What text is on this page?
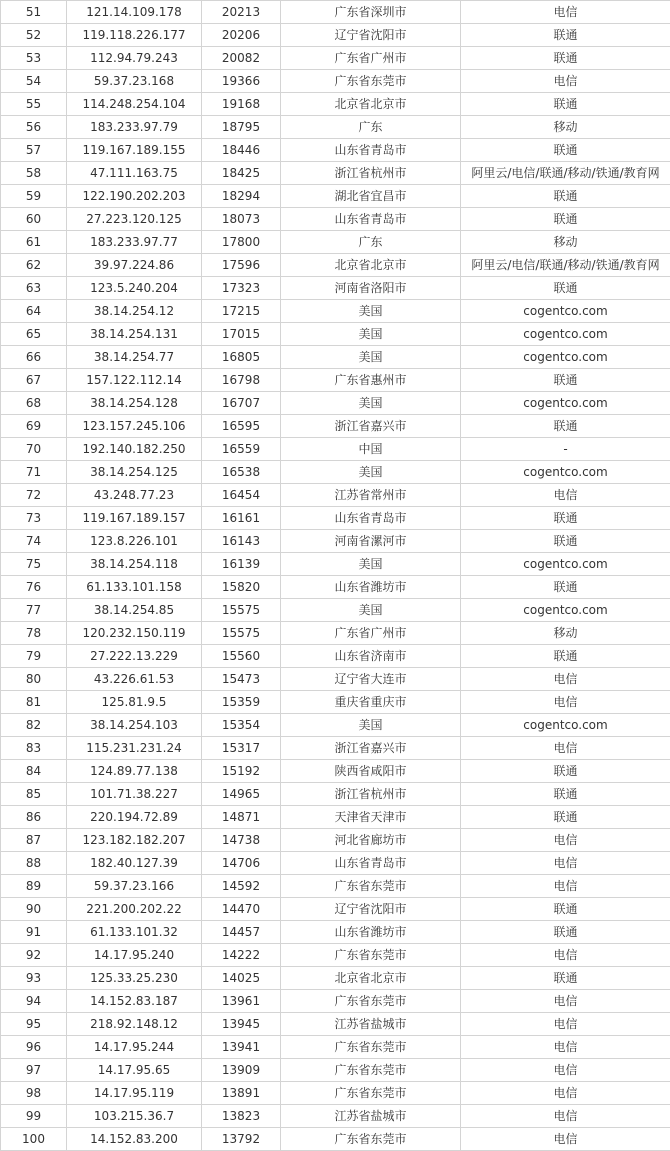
51	121.14.109.178	20213	广东省深圳市	电信
52	119.118.226.177	20206	辽宁省沈阳市	联通
53	112.94.79.243	20082	广东省广州市	联通
54	59.37.23.168	19366	广东省东莞市	电信
55	114.248.254.104	19168	北京省北京市	联通
56	183.233.97.79	18795	广东	移动
57	119.167.189.155	18446	山东省青岛市	联通
58	47.111.163.75	18425	浙江省杭州市	阿里云/电信/联通/移动/铁通/教育网
59	122.190.202.203	18294	湖北省宜昌市	联通
60	27.223.120.125	18073	山东省青岛市	联通
61	183.233.97.77	17800	广东	移动
62	39.97.224.86	17596	北京省北京市	阿里云/电信/联通/移动/铁通/教育网
63	123.5.240.204	17323	河南省洛阳市	联通
64	38.14.254.12	17215	美国	cogentco.com
65	38.14.254.131	17015	美国	cogentco.com
66	38.14.254.77	16805	美国	cogentco.com
67	157.122.112.14	16798	广东省惠州市	联通
68	38.14.254.128	16707	美国	cogentco.com
69	123.157.245.106	16595	浙江省嘉兴市	联通
70	192.140.182.250	16559	中国	-
71	38.14.254.125	16538	美国	cogentco.com
72	43.248.77.23	16454	江苏省常州市	电信
73	119.167.189.157	16161	山东省青岛市	联通
74	123.8.226.101	16143	河南省漯河市	联通
75	38.14.254.118	16139	美国	cogentco.com
76	61.133.101.158	15820	山东省潍坊市	联通
77	38.14.254.85	15575	美国	cogentco.com
78	120.232.150.119	15575	广东省广州市	移动
79	27.222.13.229	15560	山东省济南市	联通
80	43.226.61.53	15473	辽宁省大连市	电信
81	125.81.9.5	15359	重庆省重庆市	电信
82	38.14.254.103	15354	美国	cogentco.com
83	115.231.231.24	15317	浙江省嘉兴市	电信
84	124.89.77.138	15192	陕西省咸阳市	联通
85	101.71.38.227	14965	浙江省杭州市	联通
86	220.194.72.89	14871	天津省天津市	联通
87	123.182.182.207	14738	河北省廊坊市	电信
88	182.40.127.39	14706	山东省青岛市	电信
89	59.37.23.166	14592	广东省东莞市	电信
90	221.200.202.22	14470	辽宁省沈阳市	联通
91	61.133.101.32	14457	山东省潍坊市	联通
92	14.17.95.240	14222	广东省东莞市	电信
93	125.33.25.230	14025	北京省北京市	联通
94	14.152.83.187	13961	广东省东莞市	电信
95	218.92.148.12	13945	江苏省盐城市	电信
96	14.17.95.244	13941	广东省东莞市	电信
97	14.17.95.65	13909	广东省东莞市	电信
98	14.17.95.119	13891	广东省东莞市	电信
99	103.215.36.7	13823	江苏省盐城市	电信
100	14.152.83.200	13792	广东省东莞市	电信
